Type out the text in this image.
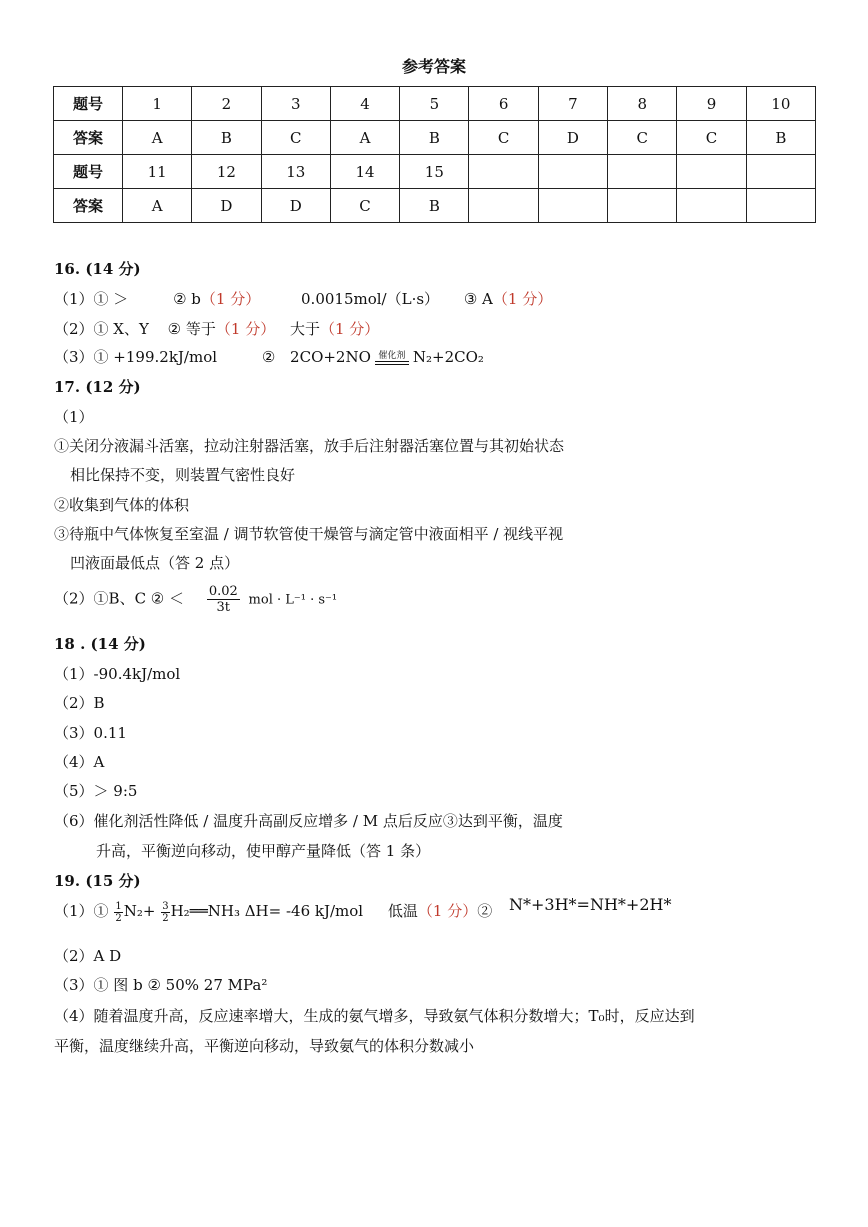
参考答案
题号	1	2	3	4	5	6	7	8	9	10
答案	A	B	C	A	B	C	D	C	C	B
题号	11	12	13	14	15					
答案	A	D	D	C	B					
16. (14 分)
（1）① ＞	② b（1 分）	0.0015mol/（L·s） ③ A（1 分）
（2）① X、Y ② 等于（1 分） 大于（1 分）
（3）① +199.2kJ/mol	② 2CO+2NO 催化剂 N₂+2CO₂
17. (12 分)
（1）
①关闭分液漏斗活塞，拉动注射器活塞，放手后注射器活塞位置与其初始状态
相比保持不变，则装置气密性良好
②收集到气体的体积
③待瓶中气体恢复至室温 / 调节软管使干燥管与滴定管中液面相平 / 视线平视
凹液面最低点（答 2 点）
（2）①B、C ② ＜ $\frac{0.02}{3t}$ mol · L⁻¹ · s⁻¹
18 . (14 分)
（1）-90.4kJ/mol
（2）B
（3）0.11
（4）A
（5）＞ 9:5
（6）催化剂活性降低 / 温度升高副反应增多 / M 点后反应③达到平衡，温度
升高，平衡逆向移动，使甲醇产量降低（答 1 条）
19. (15 分)
（1）① $\frac{1}{2} N_2+ \frac{3}{2}$ H₂══NH₃ ΔH= -46 kJ/mol 低温（1 分）② N*+3H*=NH*+2H*
（2）A D
（3）① 图 b ② 50% 27 MPa²
（4）随着温度升高，反应速率增大，生成的氨气增多，导致氨气体积分数增大；T₀时，反应达到
平衡，温度继续升高，平衡逆向移动，导致氨气的体积分数减小
